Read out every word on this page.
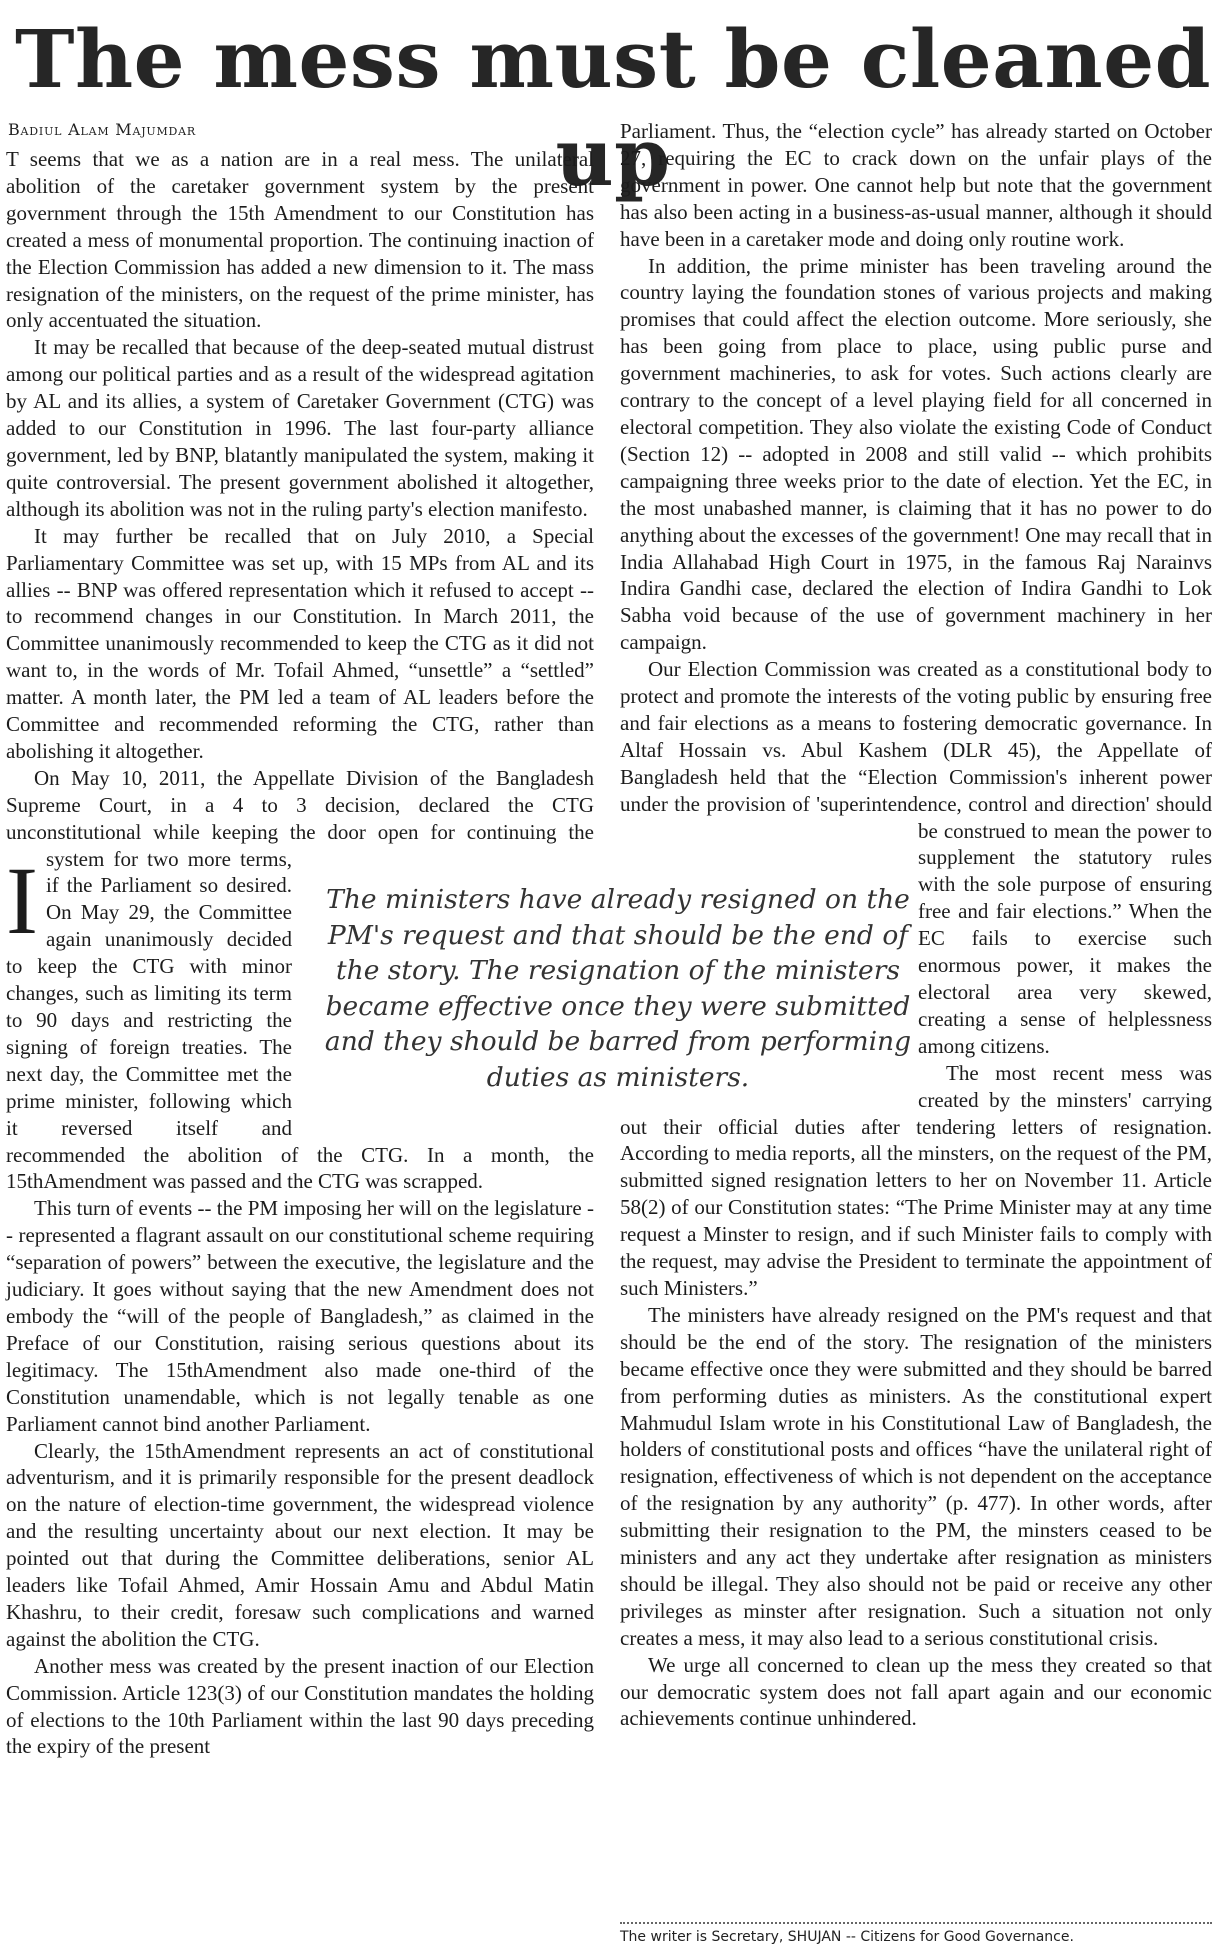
The mess must be cleaned up
Badiul Alam Majumdar

I
T seems that we as a nation are in a real mess. The unilateral abolition of the caretaker government system by the present government through the 15th Amendment to our Constitution has created a mess of monumental proportion. The continuing inaction of the Election Commission has added a new dimension to it. The mass resignation of the ministers, on the request of the prime minister, has only accentuated the situation.

It may be recalled that because of the deep-seated mutual distrust among our political parties and as a result of the widespread agitation by AL and its allies, a system of Caretaker Government (CTG) was added to our Constitution in 1996. The last four-party alliance government, led by BNP, blatantly manipulated the system, making it quite controversial. The present government abolished it altogether, although its abolition was not in the ruling party's election manifesto.

It may further be recalled that on July 2010, a Special Parliamentary Committee was set up, with 15 MPs from AL and its allies -- BNP was offered representation which it refused to accept -- to recommend changes in our Constitution. In March 2011, the Committee unanimously recommended to keep the CTG as it did not want to, in the words of Mr. Tofail Ahmed, “unsettle” a “settled” matter. A month later, the PM led a team of AL leaders before the Committee and recommended reforming the CTG, rather than abolishing it altogether.

On May 10, 2011, the Appellate Division of the Bangladesh Supreme Court, in a 4 to 3 decision, declared the CTG unconstitutional while keeping the door open for continuing the system for two more terms, if the Parliament so desired. On May 29, the Committee again unanimously decided to keep the CTG with minor changes, such as limiting its term to 90 days and restricting the signing of foreign treaties. The next day, the Committee met the prime minister, following which it reversed itself and recommended the abolition of the CTG. In a month, the 15thAmendment was passed and the CTG was scrapped.

This turn of events -- the PM imposing her will on the legislature -- represented a flagrant assault on our constitutional scheme requiring “separation of powers” between the executive, the legislature and the judiciary. It goes without saying that the new Amendment does not embody the “will of the people of Bangladesh,” as claimed in the Preface of our Constitution, raising serious questions about its legitimacy. The 15thAmendment also made one-third of the Constitution unamendable, which is not legally tenable as one Parliament cannot bind another Parliament.

Clearly, the 15thAmendment represents an act of constitutional adventurism, and it is primarily responsible for the present deadlock on the nature of election-time government, the widespread violence and the resulting uncertainty about our next election. It may be pointed out that during the Committee deliberations, senior AL leaders like Tofail Ahmed, Amir Hossain Amu and Abdul Matin Khashru, to their credit, foresaw such complications and warned against the abolition the CTG.

Another mess was created by the present inaction of our Election Commission. Article 123(3) of our Constitution mandates the holding of elections to the 10th Parliament within the last 90 days preceding the expiry of the present

Parliament. Thus, the “election cycle” has already started on October 27, requiring the EC to crack down on the unfair plays of the government in power. One cannot help but note that the government has also been acting in a business-as-usual manner, although it should have been in a caretaker mode and doing only routine work.

In addition, the prime minister has been traveling around the country laying the foundation stones of various projects and making promises that could affect the election outcome. More seriously, she has been going from place to place, using public purse and government machineries, to ask for votes. Such actions clearly are contrary to the concept of a level playing field for all concerned in electoral competition. They also violate the existing Code of Conduct (Section 12) -- adopted in 2008 and still valid -- which prohibits campaigning three weeks prior to the date of election. Yet the EC, in the most unabashed manner, is claiming that it has no power to do anything about the excesses of the government! One may recall that in India Allahabad High Court in 1975, in the famous Raj Narainvs Indira Gandhi case, declared the election of Indira Gandhi to Lok Sabha void because of the use of government machinery in her campaign.

Our Election Commission was created as a constitutional body to protect and promote the interests of the voting public by ensuring free and fair elections as a means to fostering democratic governance. In Altaf Hossain vs. Abul Kashem (DLR 45), the Appellate of Bangladesh held that the “Election Commission's inherent power under the provision of 'superintendence, control and direction' should be construed to mean the power to supplement the statutory rules with the sole purpose of ensuring free and fair elections.” When the EC fails to exercise such enormous power, it makes the electoral area very skewed, creating a sense of helplessness among citizens.

The most recent mess was created by the minsters' carrying out their official duties after tendering letters of resignation. According to media reports, all the minsters, on the request of the PM, submitted signed resignation letters to her on November 11. Article 58(2) of our Constitution states: “The Prime Minister may at any time request a Minster to resign, and if such Minister fails to comply with the request, may advise the President to terminate the appointment of such Ministers.”

The ministers have already resigned on the PM's request and that should be the end of the story. The resignation of the ministers became effective once they were submitted and they should be barred from performing duties as ministers. As the constitutional expert Mahmudul Islam wrote in his Constitutional Law of Bangladesh, the holders of constitutional posts and offices “have the unilateral right of resignation, effectiveness of which is not dependent on the acceptance of the resignation by any authority” (p. 477). In other words, after submitting their resignation to the PM, the minsters ceased to be ministers and any act they undertake after resignation as ministers should be illegal. They also should not be paid or receive any other privileges as minster after resignation. Such a situation not only creates a mess, it may also lead to a serious constitutional crisis.

We urge all concerned to clean up the mess they created so that our democratic system does not fall apart again and our economic achievements continue unhindered.

The ministers have already resigned on the PM's request and that should be the end of the story. The resignation of the ministers became effective once they were submitted and they should be barred from performing duties as ministers.
The writer is Secretary, SHUJAN -- Citizens for Good Governance.
